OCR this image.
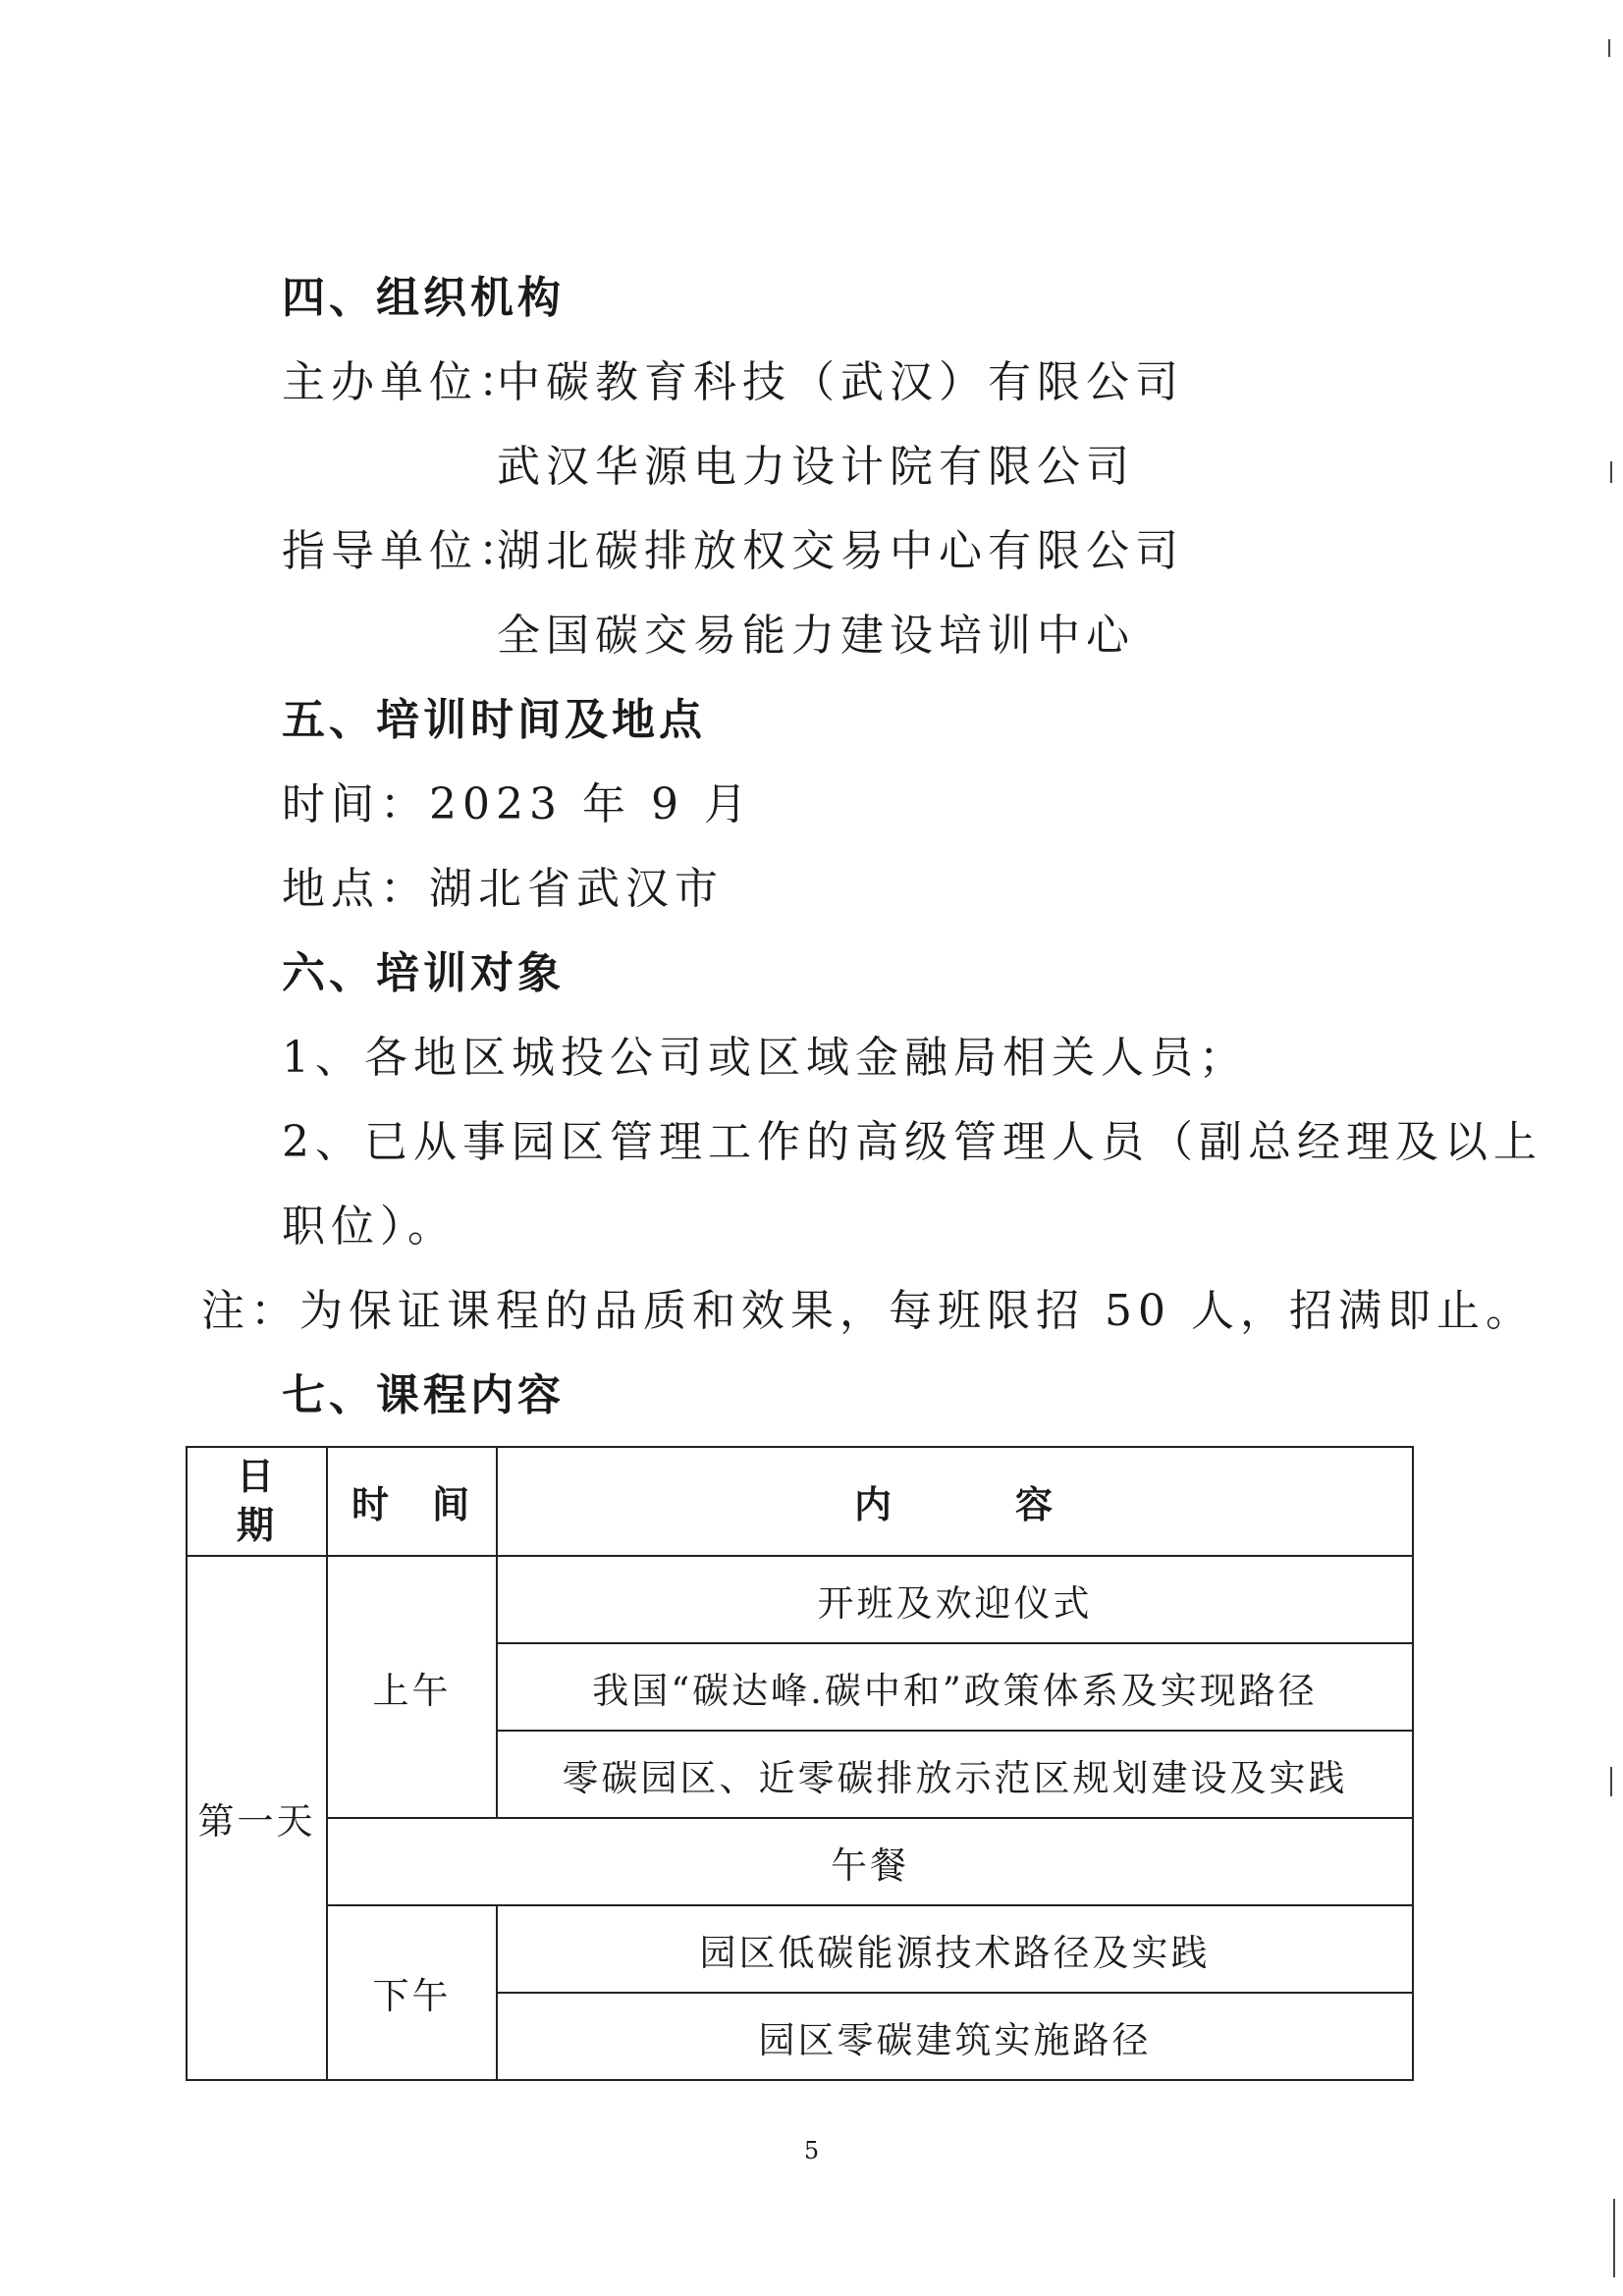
四、组织机构
主办单位：
中碳教育科技（武汉）有限公司
武汉华源电力设计院有限公司
指导单位：
湖北碳排放权交易中心有限公司
全国碳交易能力建设培训中心
五、培训时间及地点
时间：2023 年 9 月
地点：湖北省武汉市
六、培训对象
1、各地区城投公司或区域金融局相关人员；
2、已从事园区管理工作的高级管理人员（副总经理及以上
职位）。
注：为保证课程的品质和效果，每班限招 50 人，招满即止。
七、课程内容
日期	时　间	内　　　容
第一天	上午	开班及欢迎仪式
		我国“碳达峰.碳中和”政策体系及实现路径
		零碳园区、近零碳排放示范区规划建设及实践
	午餐	
	下午	园区低碳能源技术路径及实践
		园区零碳建筑实施路径
5
